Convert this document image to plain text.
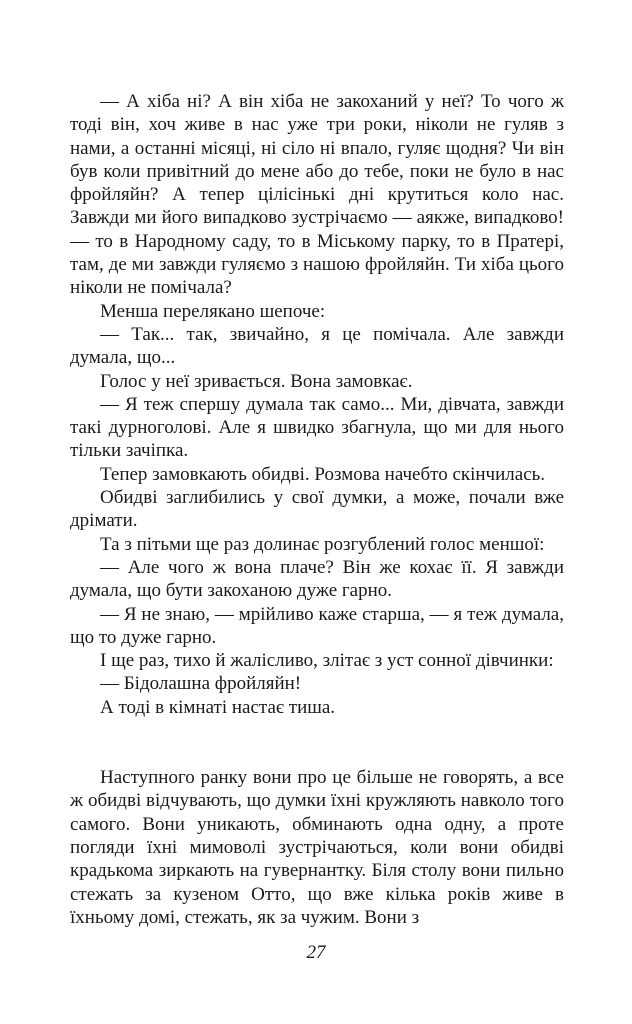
— А хіба ні? А він хіба не закоханий у неї? То чого ж тоді він, хоч живе в нас уже три роки, ніколи не гуляв з нами, а останні місяці, ні сіло ні впало, гуляє щодня? Чи він був коли привітний до мене або до тебе, поки не було в нас фройляйн? А тепер цілісінькі дні крутиться коло нас. Завжди ми його випадково зустрічаємо — аякже, випадково! — то в Народному саду, то в Міському парку, то в Пратері, там, де ми завжди гуляємо з нашою фройляйн. Ти хіба цього ніколи не помічала?

Менша перелякано шепоче:

— Так... так, звичайно, я це помічала. Але завжди думала, що...

Голос у неї зривається. Вона замовкає.

— Я теж спершу думала так само... Ми, дівчата, завжди такі дурноголові. Але я швидко збагнула, що ми для нього тільки зачіпка.

Тепер замовкають обидві. Розмова начебто скінчилась.

Обидві заглибились у свої думки, а може, почали вже дрімати.

Та з пітьми ще раз долинає розгублений голос меншої:

— Але чого ж вона плаче? Він же кохає її. Я завжди думала, що бути закоханою дуже гарно.

— Я не знаю, — мрійливо каже старша, — я теж думала, що то дуже гарно.

І ще раз, тихо й жалісливо, злітає з уст сонної дівчинки:

— Бідолашна фройляйн!

А тоді в кімнаті настає тиша.

Наступного ранку вони про це більше не говорять, а все ж обидві відчувають, що думки їхні кружляють навколо того самого. Вони уникають, обминають одна одну, а проте погляди їхні мимоволі зустрічаються, коли вони обидві крадькома зиркають на гувернантку. Біля столу вони пильно стежать за кузеном Отто, що вже кілька років живе в їхньому домі, стежать, як за чужим. Вони з

27
